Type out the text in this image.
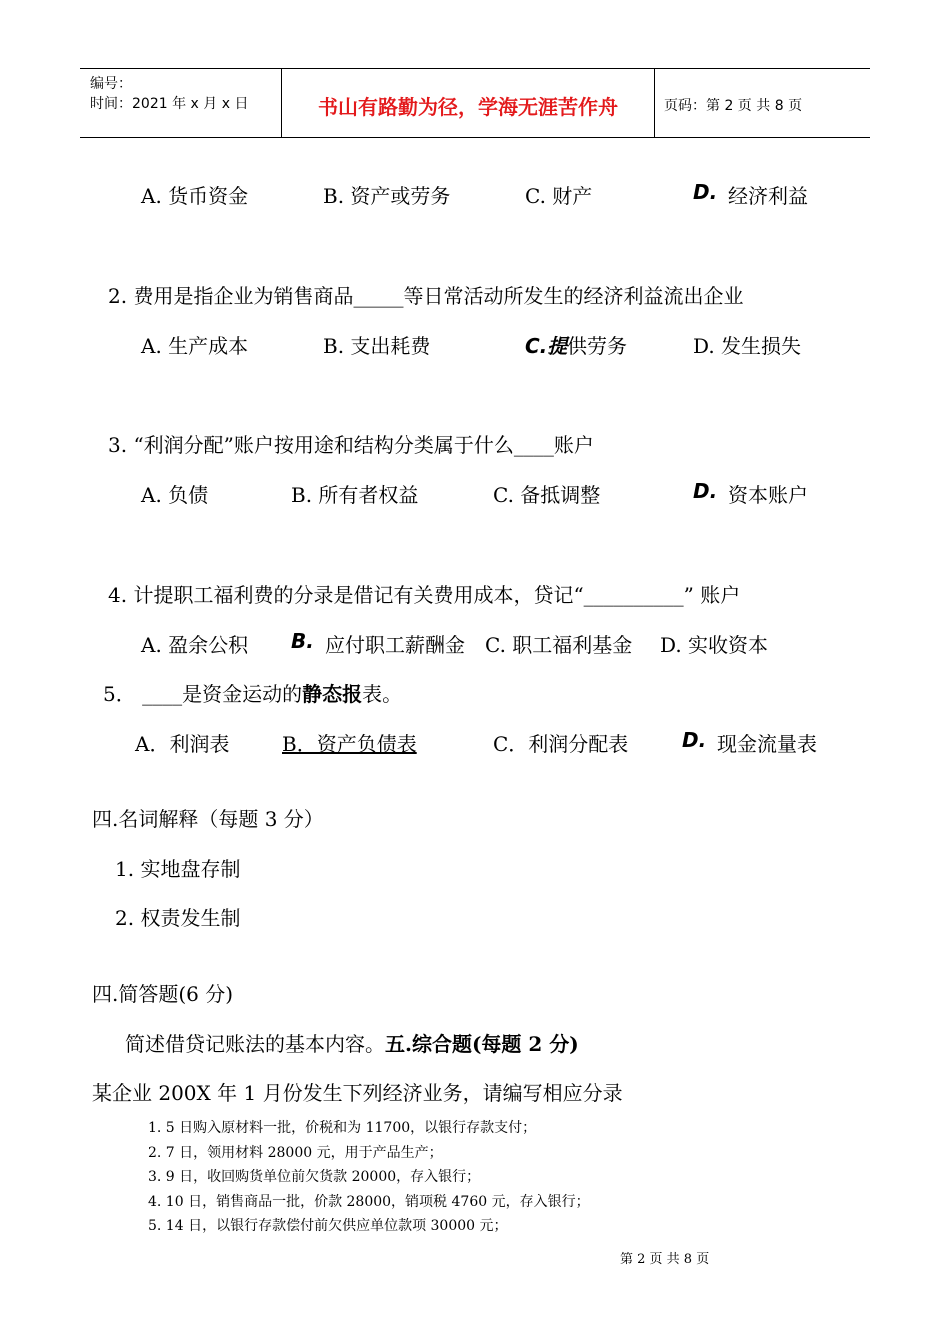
编号：
时间：2021 年 x 月 x 日	书山有路勤为径，学海无涯苦作舟	页码：第 2 页 共 8 页
A. 货币资金	B. 资产或劳务	C. 财产	D. 经济利益
2. 费用是指企业为销售商品_____等日常活动所发生的经济利益流出企业
A. 生产成本	B. 支出耗费	C.提 供劳务	D. 发生损失
3. “利润分配”账户按用途和结构分类属于什么____账户
A. 负债	B. 所有者权益	C. 备抵调整	D. 资本账户
4. 计提职工福利费的分录是借记有关费用成本，贷记“__________” 账户
A. 盈余公积 B. 应付职工薪酬金 C. 职工福利基金 D. 实收资本
5． ____是资金运动的静态报表。
A．利润表	B．资产负债表	C．利润分配表	D. 现金流量表
四.名词解释（每题 3 分）
1. 实地盘存制
2. 权责发生制
四.简答题(6 分)
简述借贷记账法的基本内容。五.综合题(每题 2 分)
某企业 200X 年 1 月份发生下列经济业务，请编写相应分录
1. 5 日购入原材料一批，价税和为 11700，以银行存款支付；
2. 7 日，领用材料 28000 元，用于产品生产；
3. 9 日，收回购货单位前欠货款 20000，存入银行；
4. 10 日，销售商品一批，价款 28000，销项税 4760 元，存入银行；
5. 14 日，以银行存款偿付前欠供应单位款项 30000 元；
第 2 页 共 8 页
